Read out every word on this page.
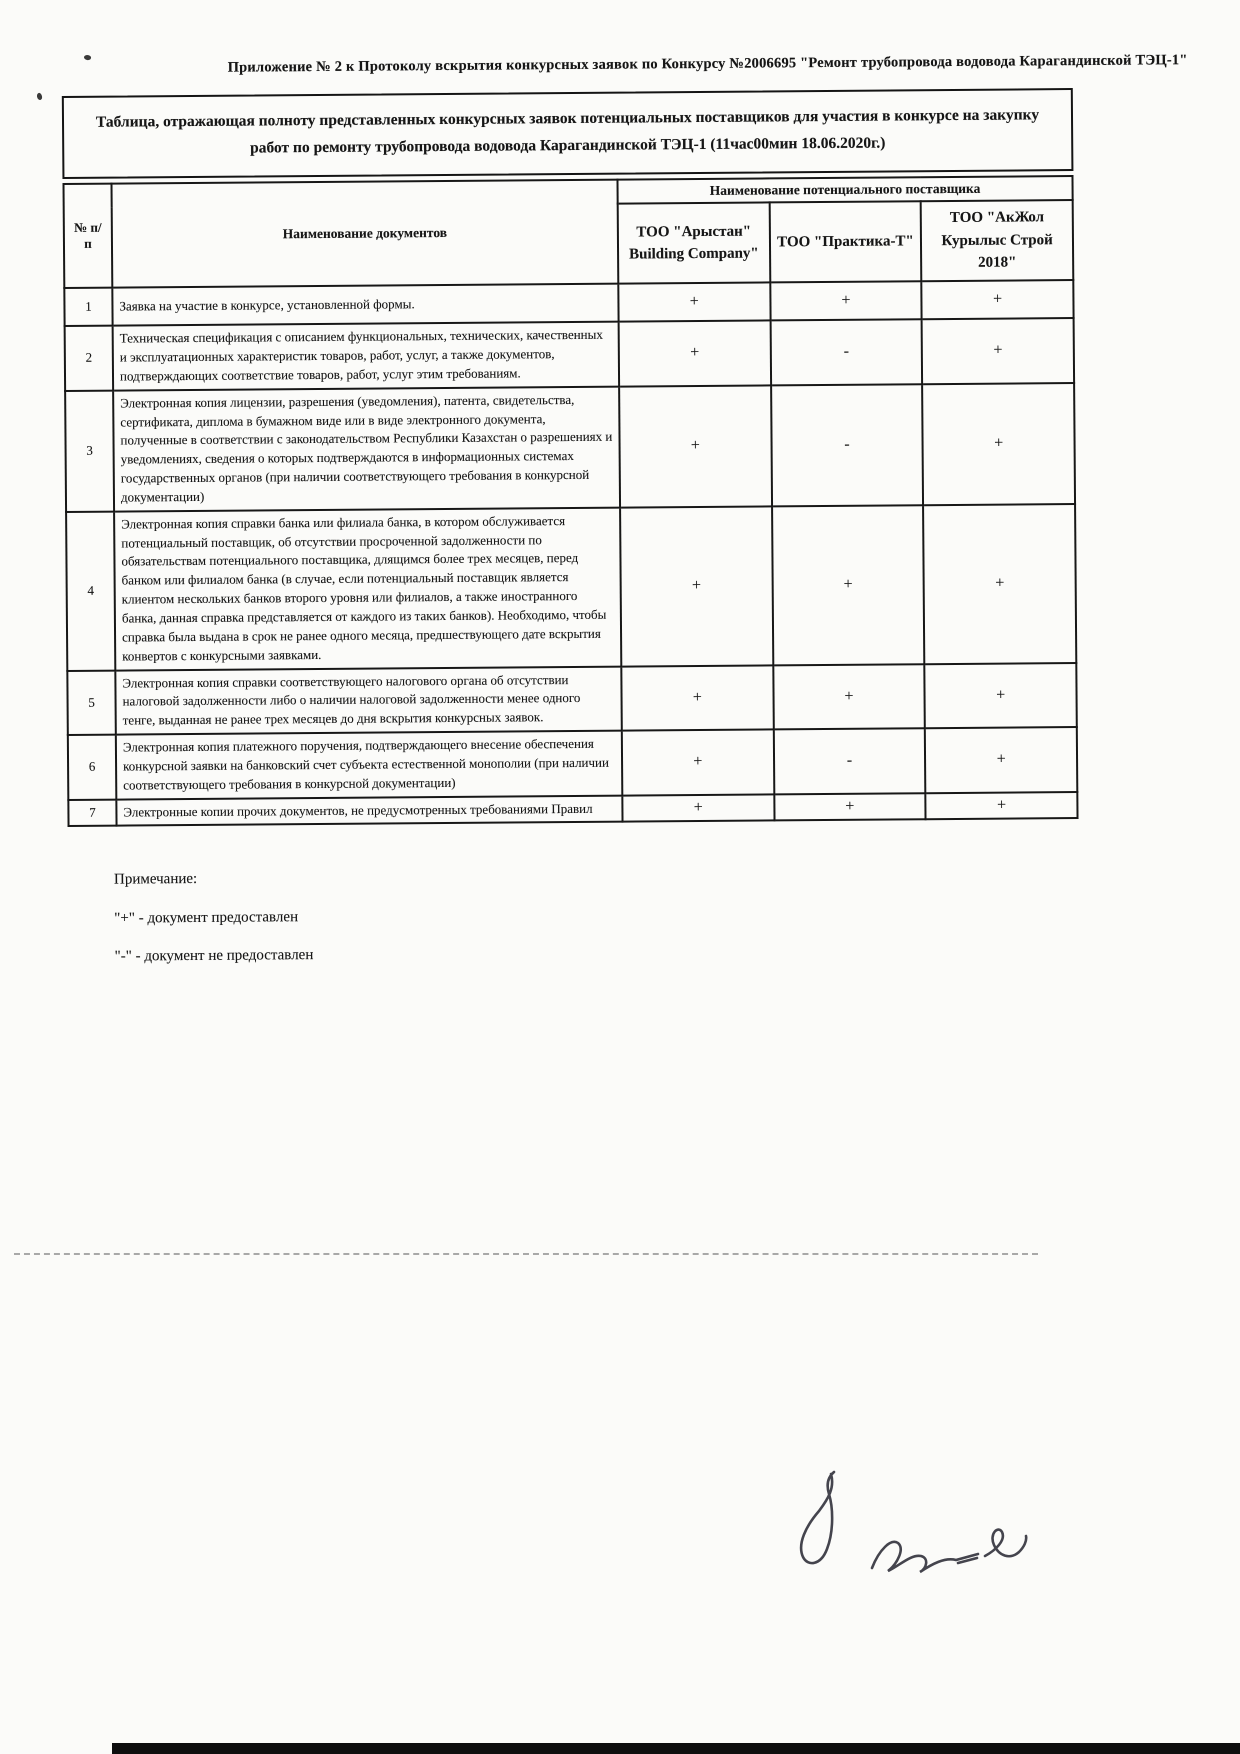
Приложение № 2 к Протоколу вскрытия конкурсных заявок по Конкурсу №2006695 "Ремонт трубопровода водовода Карагандинской ТЭЦ-1"
Таблица, отражающая полноту представленных конкурсных заявок потенциальных поставщиков для участия в конкурсе на закупку работ по ремонту трубопровода водовода Карагандинской ТЭЦ-1 (11час00мин 18.06.2020г.)
№ п/п	Наименование документов	Наименование потенциального поставщика		
		ТОО "Арыстан" Building Company"	ТОО "Практика-Т"	ТОО "АкЖол Курылыс Строй 2018"
1	Заявка на участие в конкурсе, установленной формы.	+	+	+
2	Техническая спецификация с описанием функциональных, технических, качественных и эксплуатационных характеристик товаров, работ, услуг, а также документов, подтверждающих соответствие товаров, работ, услуг этим требованиям.	+	-	+
3	Электронная копия лицензии, разрешения (уведомления), патента, свидетельства, сертификата, диплома в бумажном виде или в виде электронного документа, полученные в соответствии с законодательством Республики Казахстан о разрешениях и уведомлениях, сведения о которых подтверждаются в информационных системах государственных органов (при наличии соответствующего требования в конкурсной документации)	+	-	+
4	Электронная копия справки банка или филиала банка, в котором обслуживается потенциальный поставщик, об отсутствии просроченной задолженности по обязательствам потенциального поставщика, длящимся более трех месяцев, перед банком или филиалом банка (в случае, если потенциальный поставщик является клиентом нескольких банков второго уровня или филиалов, а также иностранного банка, данная справка представляется от каждого из таких банков). Необходимо, чтобы справка была выдана в срок не ранее одного месяца, предшествующего дате вскрытия конвертов с конкурсными заявками.	+	+	+
5	Электронная копия справки соответствующего налогового органа об отсутствии налоговой задолженности либо о наличии налоговой задолженности менее одного тенге, выданная не ранее трех месяцев до дня вскрытия конкурсных заявок.	+	+	+
6	Электронная копия платежного поручения, подтверждающего внесение обеспечения конкурсной заявки на банковский счет субъекта естественной монополии (при наличии соответствующего требования в конкурсной документации)	+	-	+
7	Электронные копии прочих документов, не предусмотренных требованиями Правил	+	+	+
Примечание:
"+" - документ предоставлен
"-" - документ не предоставлен
